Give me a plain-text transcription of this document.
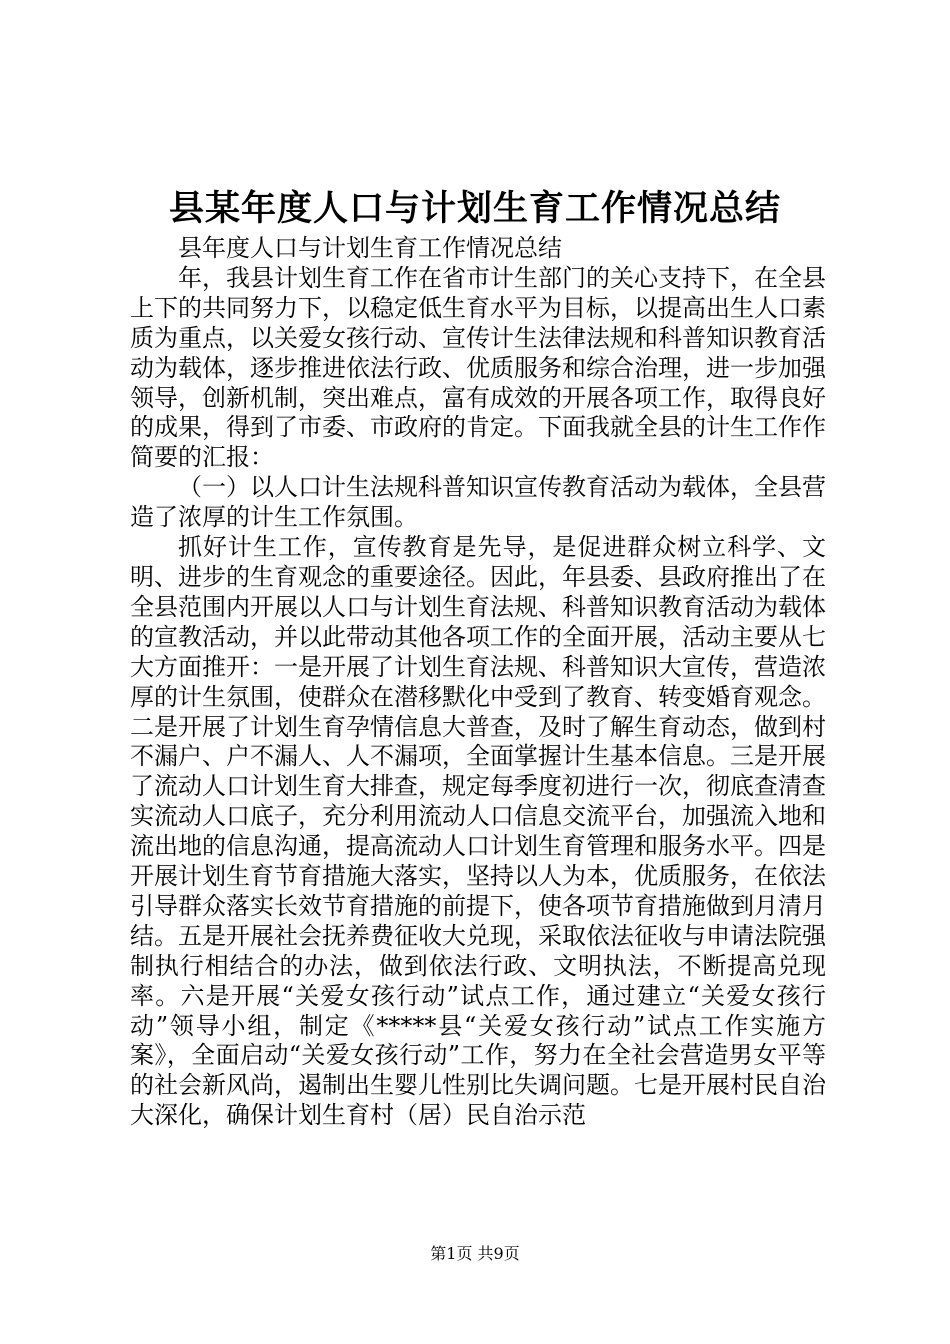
县某年度人口与计划生育工作情况总结

县年度人口与计划生育工作情况总结

年，我县计划生育工作在省市计生部门的关心支持下，在全县上下的共同努力下，以稳定低生育水平为目标，以提高出生人口素质为重点，以关爱女孩行动、宣传计生法律法规和科普知识教育活动为载体，逐步推进依法行政、优质服务和综合治理，进一步加强领导，创新机制，突出难点，富有成效的开展各项工作，取得良好的成果，得到了市委、市政府的肯定。下面我就全县的计生工作作简要的汇报：

（一）以人口计生法规科普知识宣传教育活动为载体，全县营造了浓厚的计生工作氛围。

抓好计生工作，宣传教育是先导，是促进群众树立科学、文明、进步的生育观念的重要途径。因此，年县委、县政府推出了在全县范围内开展以人口与计划生育法规、科普知识教育活动为载体的宣教活动，并以此带动其他各项工作的全面开展，活动主要从七大方面推开：一是开展了计划生育法规、科普知识大宣传，营造浓厚的计生氛围，使群众在潜移默化中受到了教育、转变婚育观念。二是开展了计划生育孕情信息大普查，及时了解生育动态，做到村不漏户、户不漏人、人不漏项，全面掌握计生基本信息。三是开展了流动人口计划生育大排查，规定每季度初进行一次，彻底查清查实流动人口底子，充分利用流动人口信息交流平台，加强流入地和流出地的信息沟通，提高流动人口计划生育管理和服务水平。四是开展计划生育节育措施大落实，坚持以人为本，优质服务，在依法引导群众落实长效节育措施的前提下，使各项节育措施做到月清月结。五是开展社会抚养费征收大兑现，采取依法征收与申请法院强制执行相结合的办法，做到依法行政、文明执法，不断提高兑现率。六是开展“关爱女孩行动”试点工作，通过建立“关爱女孩行动”领导小组，制定《*****县“关爱女孩行动”试点工作实施方案》，全面启动“关爱女孩行动”工作，努力在全社会营造男女平等的社会新风尚，遏制出生婴儿性别比失调问题。七是开展村民自治大深化，确保计划生育村（居）民自治示范

第1页 共9页
